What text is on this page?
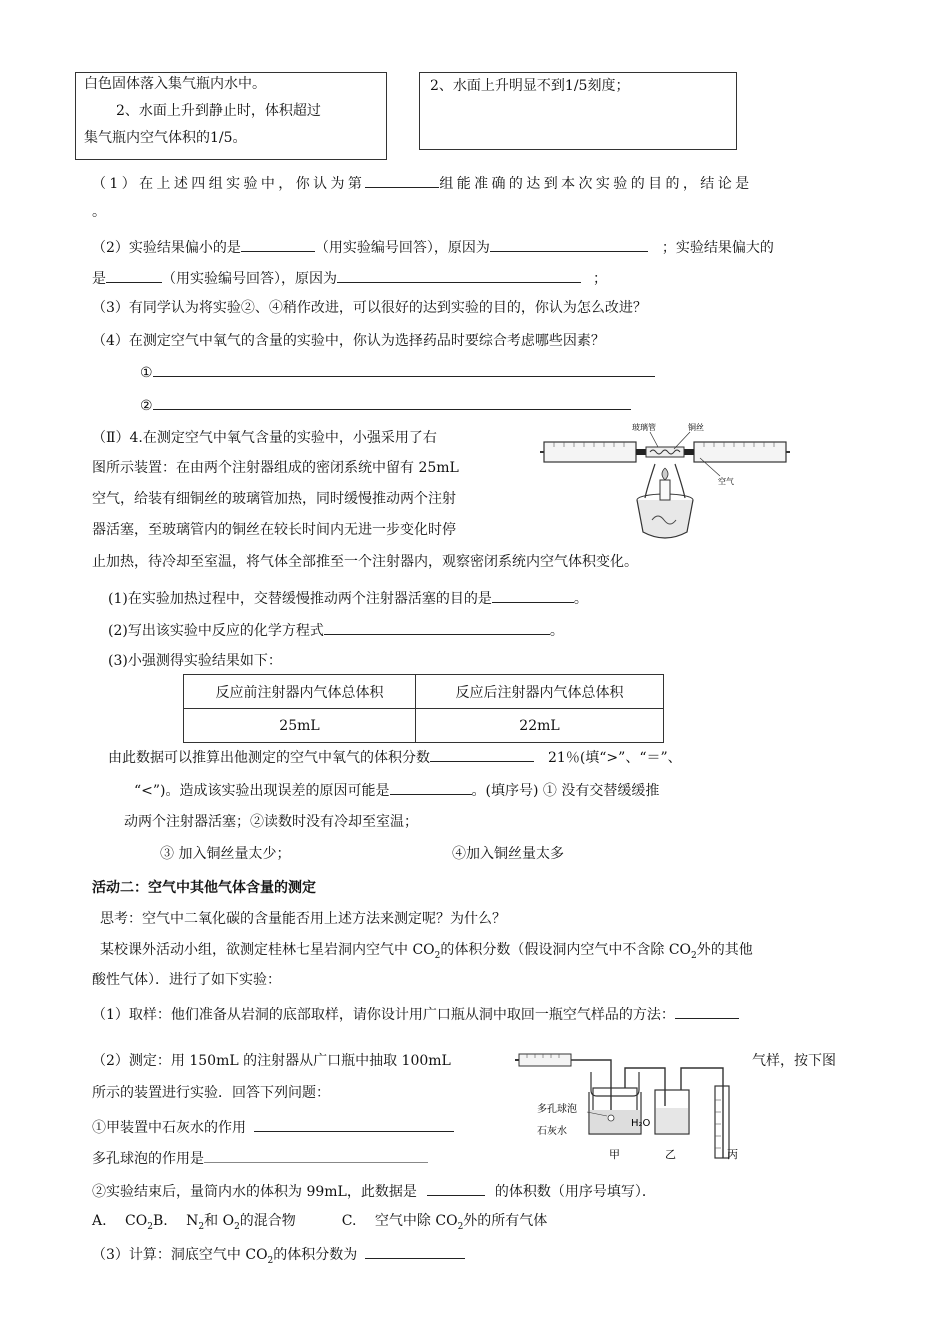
白色固体落入集气瓶内水中。
2、水面上升到静止时，体积超过
集气瓶内空气体积的1/5。
2、水面上升明显不到1/5刻度；
（1）在上述四组实验中，你认为第	组能准确的达到本次实验的目的，结论是
。
（2）实验结果偏小的是	（用实验编号回答），原因为	；实验结果偏大的
是	（用实验编号回答），原因为	；
（3）有同学认为将实验②、④稍作改进，可以很好的达到实验的目的，你认为怎么改进？
（4）在测定空气中氧气的含量的实验中，你认为选择药品时要综合考虑哪些因素？
①
②
（Ⅱ）4.在测定空气中氧气含量的实验中，小强采用了右
图所示装置：在由两个注射器组成的密闭系统中留有 25mL
空气，给装有细铜丝的玻璃管加热，同时缓慢推动两个注射
器活塞，至玻璃管内的铜丝在较长时间内无进一步变化时停
止加热，待冷却至室温，将气体全部推至一个注射器内，观察密闭系统内空气体积变化。
玻璃管	铜丝
空气
(1)在实验加热过程中，交替缓慢推动两个注射器活塞的目的是	。
(2)写出该实验中反应的化学方程式	。
(3)小强测得实验结果如下：
反应前注射器内气体总体积	反应后注射器内气体总体积
25mL	22mL
由此数据可以推算出他测定的空气中氧气的体积分数	21％(填“>”、“＝”、
“<”)。造成该实验出现误差的原因可能是	。(填序号) ① 没有交替缓缓推
动两个注射器活塞；②读数时没有冷却至室温；
③ 加入铜丝量太少；	④加入铜丝量太多
活动二：空气中其他气体含量的测定
思考：空气中二氧化碳的含量能否用上述方法来测定呢？为什么？
某校课外活动小组，欲测定桂林七星岩洞内空气中 $CO_2$的体积分数（假设洞内空气中不含除 $CO_2$外的其他
酸性气体）．进行了如下实验：
（1）取样：他们准备从岩洞的底部取样，请你设计用广口瓶从洞中取回一瓶空气样品的方法：
（2）测定：用 150mL 的注射器从广口瓶中抽取 100mL	气样，按下图
所示的装置进行实验．回答下列问题：
①甲装置中石灰水的作用
多孔球泡的作用是
②实验结束后，量筒内水的体积为 99mL，此数据是	的体积数（用序号填写）．
A.　 $CO_2B$.　 $N_2$和 $O_2$的混合物	C.　 空气中除 $CO_2$外的所有气体
（3）计算：洞底空气中 $CO_2$的体积分数为
多孔球泡
H₂O
石灰水
甲	乙	丙
